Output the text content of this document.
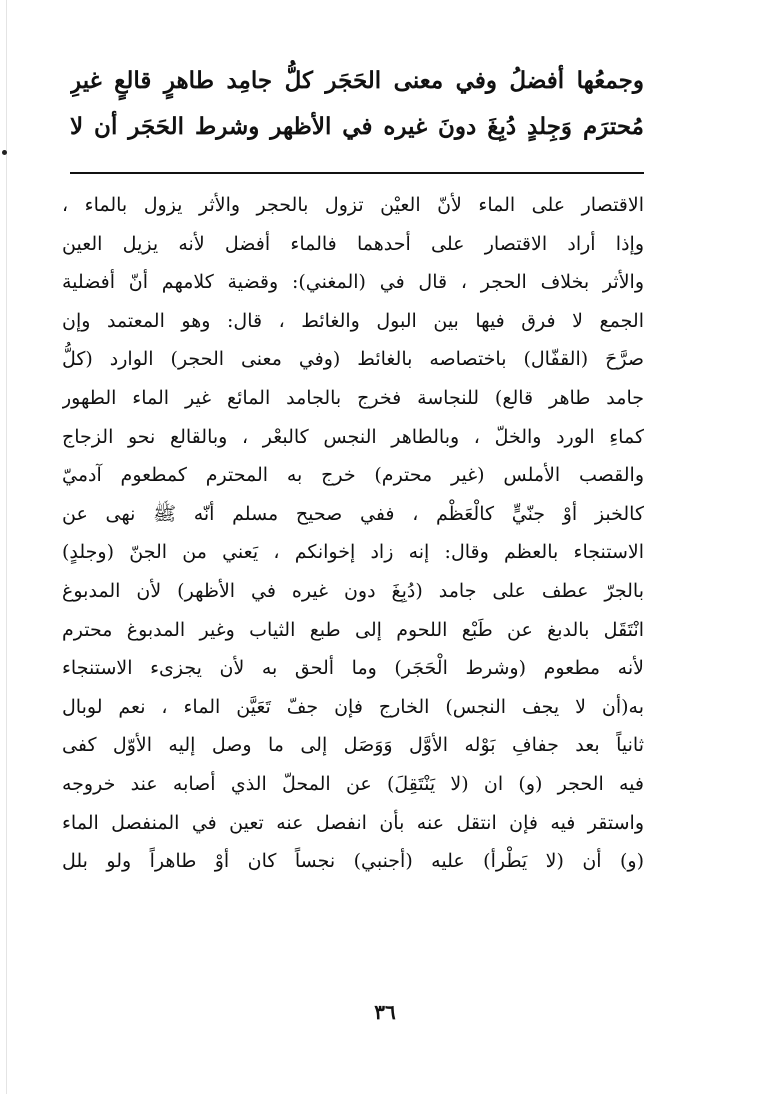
وجمعُها أفضلُ وفي معنى الحَجَر كلُّ جامِد طاهرٍ قالعٍ غيرِ
مُحترَم وَجِلدٍ دُبِغَ دونَ غيره في الأظهر وشرط الحَجَر أن لا
الاقتصار على الماء لأنّ العيْن تزول بالحجر والأثر يزول بالماء ،
وإذا أراد الاقتصار على أحدهما فالماء أفضل لأنه يزيل العين
والأثر بخلاف الحجر ، قال في (المغني): وقضية كلامهم أنّ أفضلية
الجمع لا فرق فيها بين البول والغائط ، قال: وهو المعتمد وإن
صرَّحَ (القفّال) باختصاصه بالغائط (وفي معنى الحجر) الوارد (كلُّ
جامد طاهر قالع) للنجاسة فخرج بالجامد المائع غير الماء الطهور
كماءِ الورد والخلّ ، وبالطاهر النجس كالبعْر ، وبالقالع نحو الزجاج
والقصب الأملس (غير محترم) خرج به المحترم كمطعوم آدميّ
كالخبز أوْ جنّيٍّ كالْعَظْم ، ففي صحيح مسلم أنّه ﷺ نهى عن
الاستنجاء بالعظم وقال: إنه زاد إخوانكم ، يَعني من الجنّ (وجلدٍ)
بالجرّ عطف على جامد (دُبِغَ دون غيره في الأظهر) لأن المدبوغ
انْتَقَل بالدبغ عن طَبْع اللحوم إلى طبع الثياب وغير المدبوغ محترم
لأنه مطعوم (وشرط الْحَجَر) وما ألحق به لأن يجزىء الاستنجاء
به(أن لا يجف النجس) الخارج فإن جفّ تَعَيَّن الماء ، نعم لوبال
ثانياً بعد جفافِ بَوْله الأوَّل وَوَصَل إلى ما وصل إليه الأوّل كفى
فيه الحجر (و) ان (لا يَنْتَقِلَ) عن المحلّ الذي أصابه عند خروجه
واستقر فيه فإن انتقل عنه بأن انفصل عنه تعين في المنفصل الماء
(و) أن (لا يَطْرأ) عليه (أجنبي) نجساً كان أوْ طاهراً ولو بلل
٣٦
